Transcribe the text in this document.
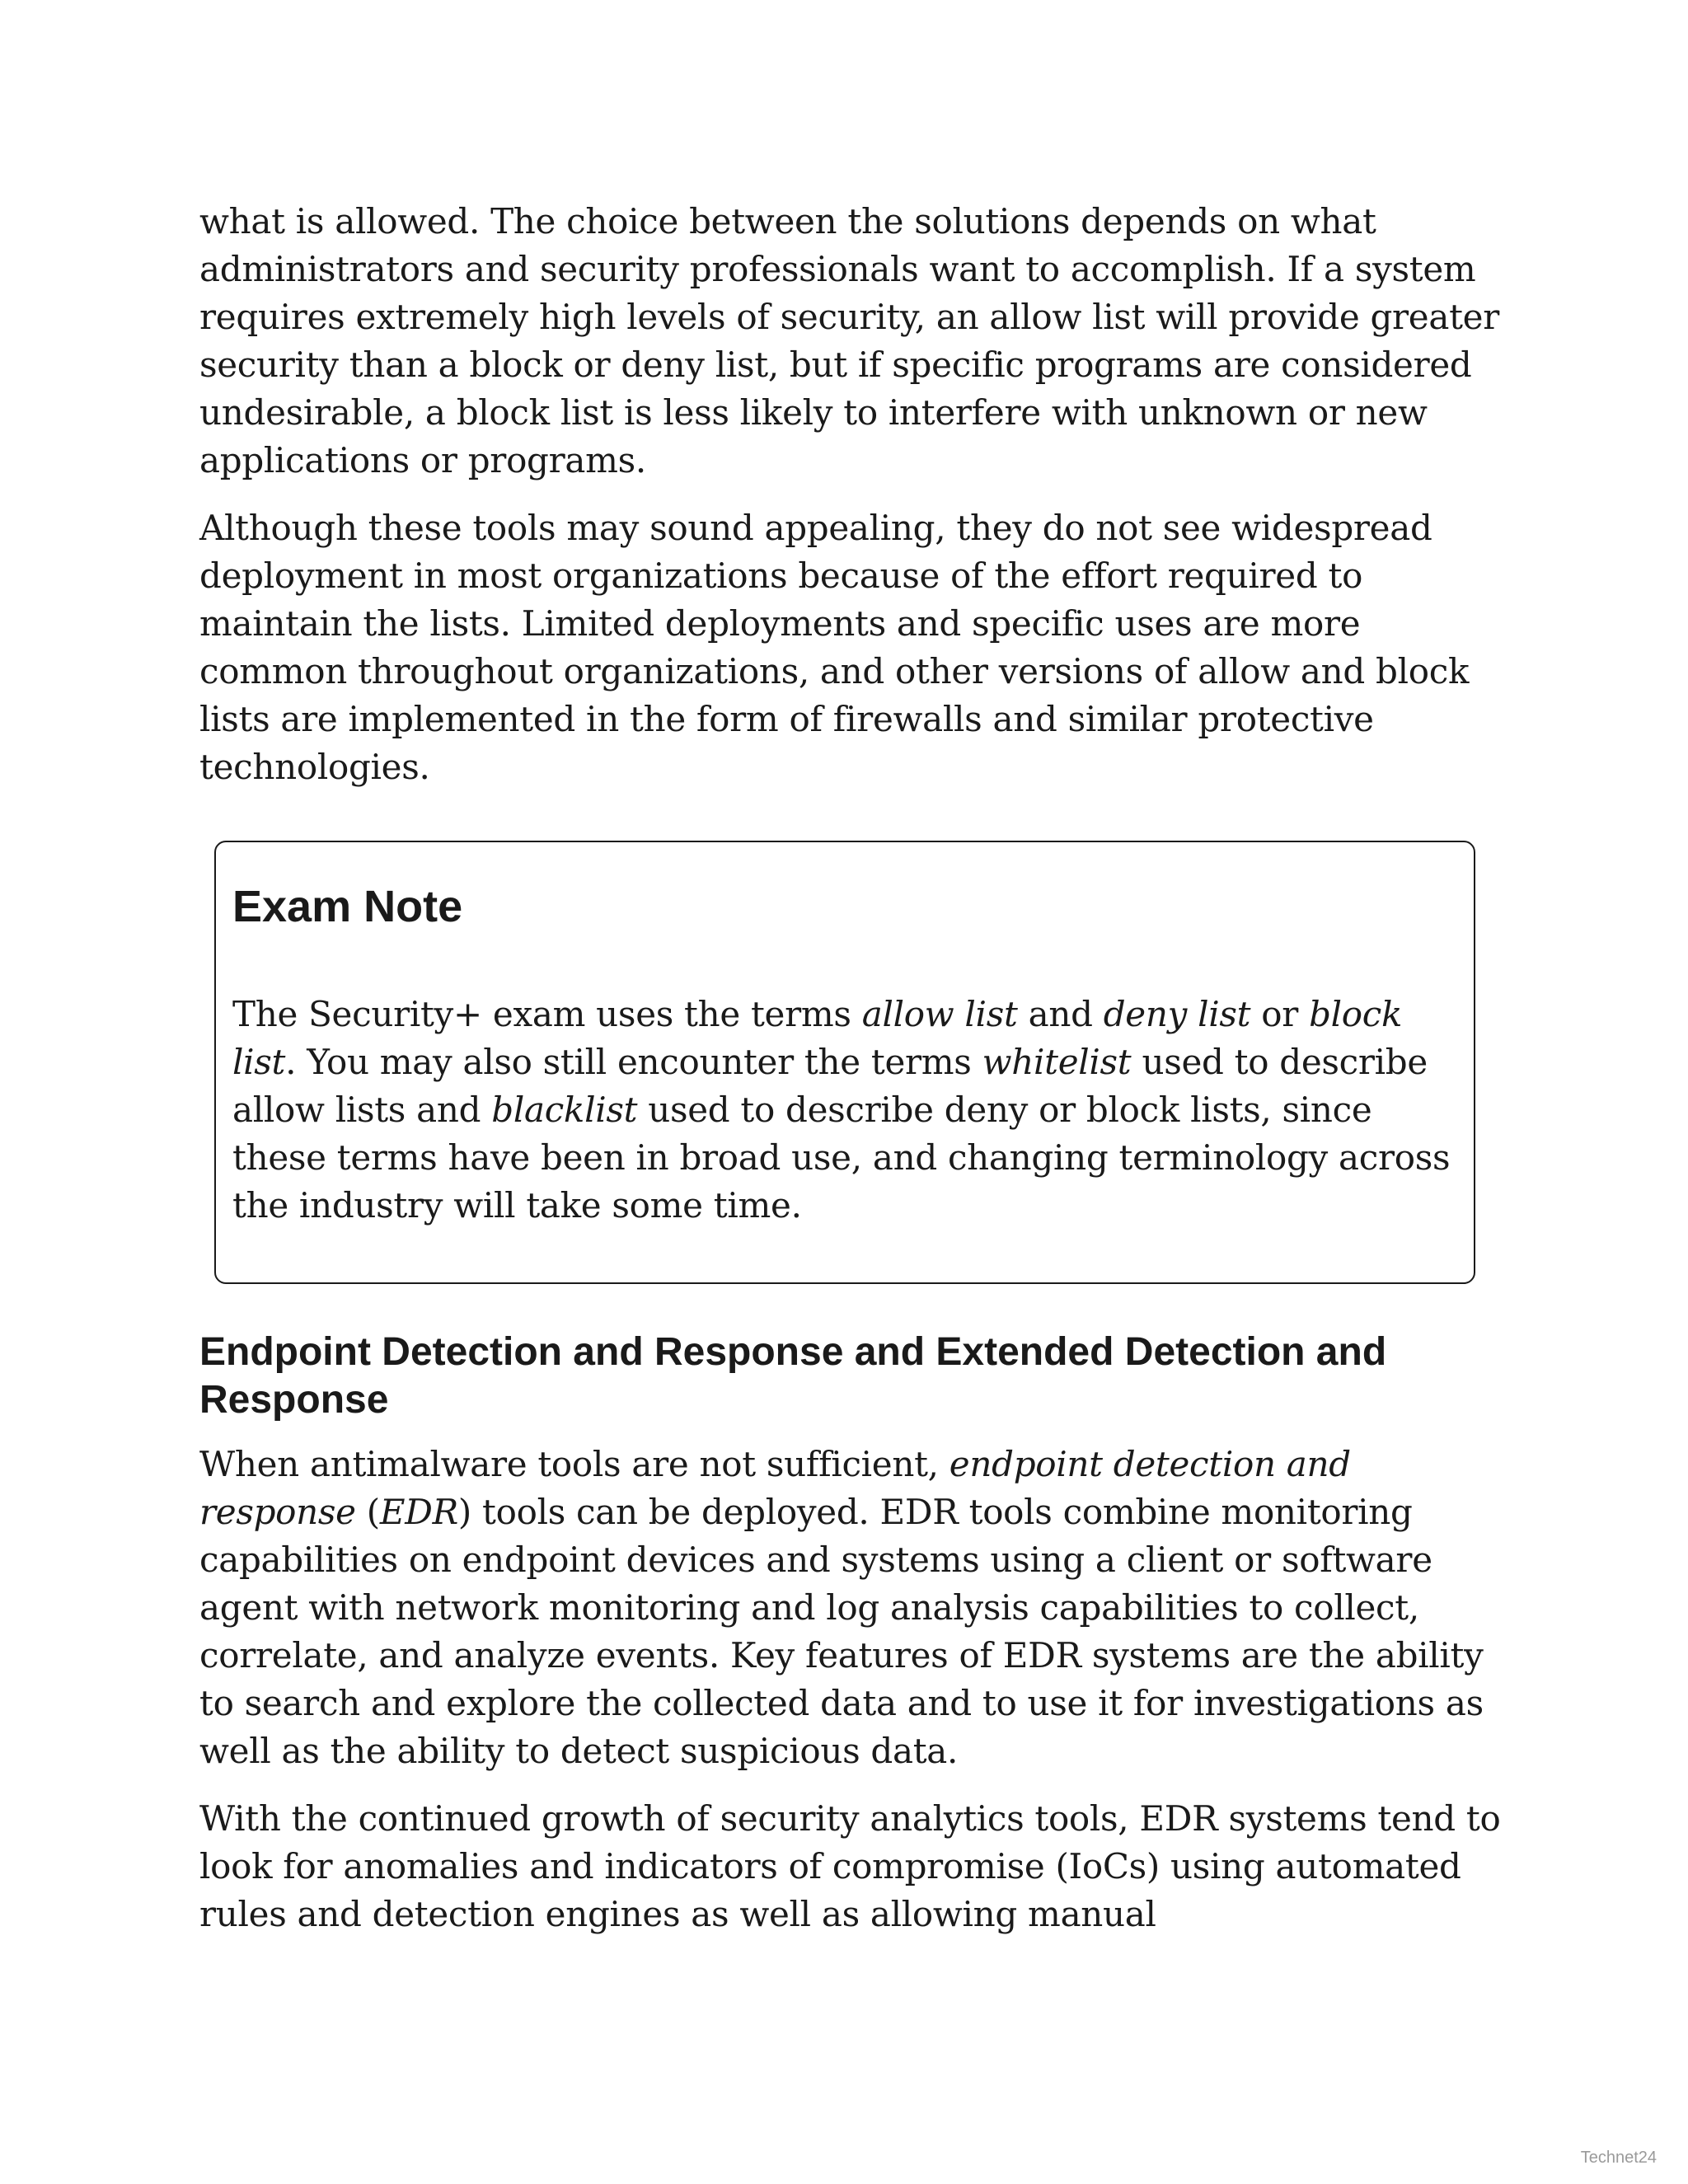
what is allowed. The choice between the solutions depends on what administrators and security professionals want to accomplish. If a system requires extremely high levels of security, an allow list will provide greater security than a block or deny list, but if specific programs are considered undesirable, a block list is less likely to interfere with unknown or new applications or programs.

Although these tools may sound appealing, they do not see widespread deployment in most organizations because of the effort required to maintain the lists. Limited deployments and specific uses are more common throughout organizations, and other versions of allow and block lists are implemented in the form of firewalls and similar protective technologies.

Exam Note

The Security+ exam uses the terms allow list and deny list or block list. You may also still encounter the terms whitelist used to describe allow lists and blacklist used to describe deny or block lists, since these terms have been in broad use, and changing terminology across the industry will take some time.

Endpoint Detection and Response and Extended Detection and Response

When antimalware tools are not sufficient, endpoint detection and response (EDR) tools can be deployed. EDR tools combine monitoring capabilities on endpoint devices and systems using a client or software agent with network monitoring and log analysis capabilities to collect, correlate, and analyze events. Key features of EDR systems are the ability to search and explore the collected data and to use it for investigations as well as the ability to detect suspicious data.

With the continued growth of security analytics tools, EDR systems tend to look for anomalies and indicators of compromise (IoCs) using automated rules and detection engines as well as allowing manual

Technet24
